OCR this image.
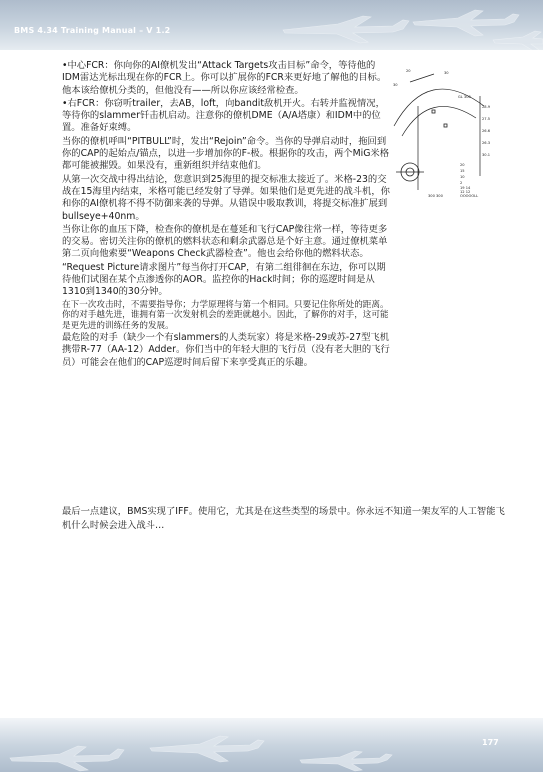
BMS 4.34 Training Manual – V 1.2

•中心FCR：你向你的AI僚机发出“Attack Targets攻击目标”命令，等待他的IDM雷达光标出现在你的FCR上。你可以扩展你的FCR来更好地了解他的目标。他本该给僚机分类的，但他没有——所以你应该经常检查。

•右FCR：你窃听trailer，去AB，loft，向bandit敌机开火。右转并监视情况，等待你的slammer钎击机启动。注意你的僚机DME（A/A塔康）和IDM中的位置。准备好束缚。

当你的僚机呼叫“PITBULL”时，发出“Rejoin”命令。当你的导弹启动时，拖回到你的CAP的起始点/锚点，以进一步增加你的F-极。根据你的攻击，两个MiG米格都可能被摧毁。如果没有，重新组织并结束他们。

从第一次交战中得出结论，您意识到25海里的提交标准太接近了。米格-23的交战在15海里内结束，米格可能已经发射了导弹。如果他们是更先进的战斗机，你和你的AI僚机将不得不防御来袭的导弹。从错误中吸取教训，将提交标准扩展到bullseye+40nm。

当你让你的血压下降，检查你的僚机是在蔓延和飞行CAP像往常一样，等待更多的交易。密切关注你的僚机的燃料状态和剩余武器总是个好主意。通过僚机菜单第二页向他索要“Weapons Check武器检查”。他也会给你他的燃料状态。

“Request Picture请求图片”每当你打开CAP，有第二组徘徊在东边，你可以期待他们试图在某个点渗透你的AOR。监控你的Hack时间；你的巡逻时间是从1310到1340的30分钟。

在下一次攻击时，不需要指导你；力学原理将与第一个相同。只要记住你所处的距离。你的对手越先进，谁拥有第一次发射机会的差距就越小。因此，了解你的对手，这可能是更先进的训练任务的发展。

最危险的对手（缺少一个有slammers的人类玩家）将是米格-29或苏-27型飞机携带R-77（AA-12）Adder。你们当中的年轻大胆的飞行员（没有老大胆的飞行员）可能会在他们的CAP巡逻时间后留下来享受真正的乐趣。

20	30
30
GL 300
28.9
27.5
26.6
26.3
30.1
20
15
10
2
19 14
12 12
OOOOOLL
300 300

最后一点建议，BMS实现了IFF。使用它，尤其是在这些类型的场景中。你永远不知道一架友军的人工智能飞机什么时候会进入战斗…

177
